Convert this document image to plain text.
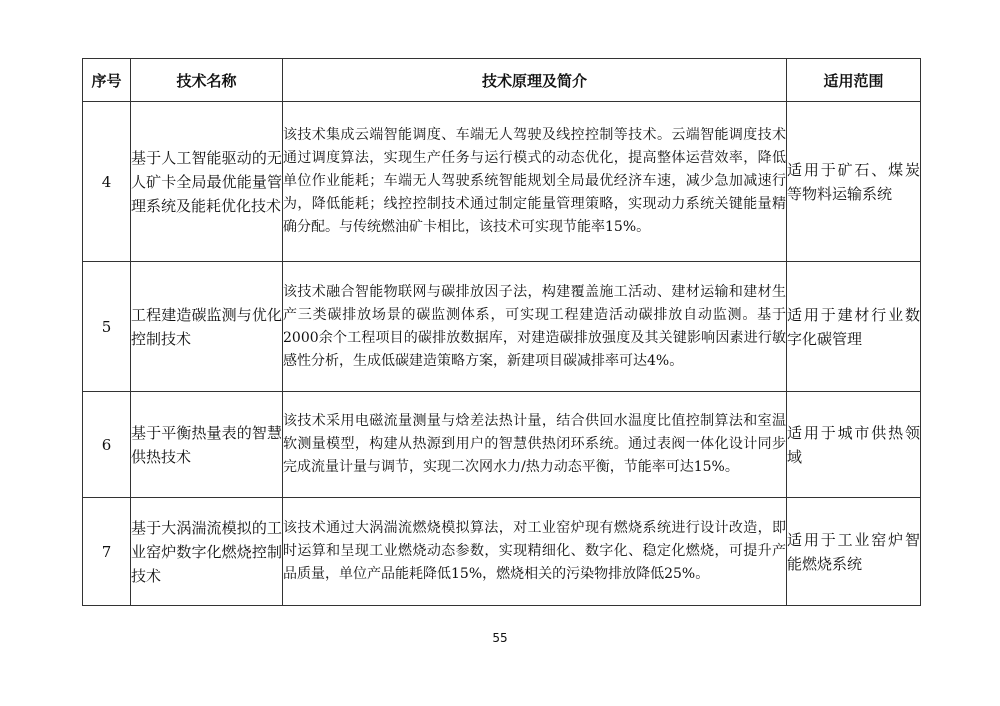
序号	技术名称	技术原理及简介	适用范围
4	基于人工智能驱动的无人矿卡全局最优能量管理系统及能耗优化技术	该技术集成云端智能调度、车端无人驾驶及线控控制等技术。云端智能调度技术通过调度算法，实现生产任务与运行模式的动态优化，提高整体运营效率，降低单位作业能耗；车端无人驾驶系统智能规划全局最优经济车速，减少急加减速行为，降低能耗；线控控制技术通过制定能量管理策略，实现动力系统关键能量精确分配。与传统燃油矿卡相比，该技术可实现节能率15%。	适用于矿石、煤炭等物料运输系统
5	工程建造碳监测与优化控制技术	该技术融合智能物联网与碳排放因子法，构建覆盖施工活动、建材运输和建材生产三类碳排放场景的碳监测体系，可实现工程建造活动碳排放自动监测。基于2000余个工程项目的碳排放数据库，对建造碳排放强度及其关键影响因素进行敏感性分析，生成低碳建造策略方案，新建项目碳减排率可达4%。	适用于建材行业数字化碳管理
6	基于平衡热量表的智慧供热技术	该技术采用电磁流量测量与焓差法热计量，结合供回水温度比值控制算法和室温软测量模型，构建从热源到用户的智慧供热闭环系统。通过表阀一体化设计同步完成流量计量与调节，实现二次网水力/热力动态平衡，节能率可达15%。	适用于城市供热领域
7	基于大涡湍流模拟的工业窑炉数字化燃烧控制技术	该技术通过大涡湍流燃烧模拟算法，对工业窑炉现有燃烧系统进行设计改造，即时运算和呈现工业燃烧动态参数，实现精细化、数字化、稳定化燃烧，可提升产品质量，单位产品能耗降低15%，燃烧相关的污染物排放降低25%。	适用于工业窑炉智能燃烧系统
55
